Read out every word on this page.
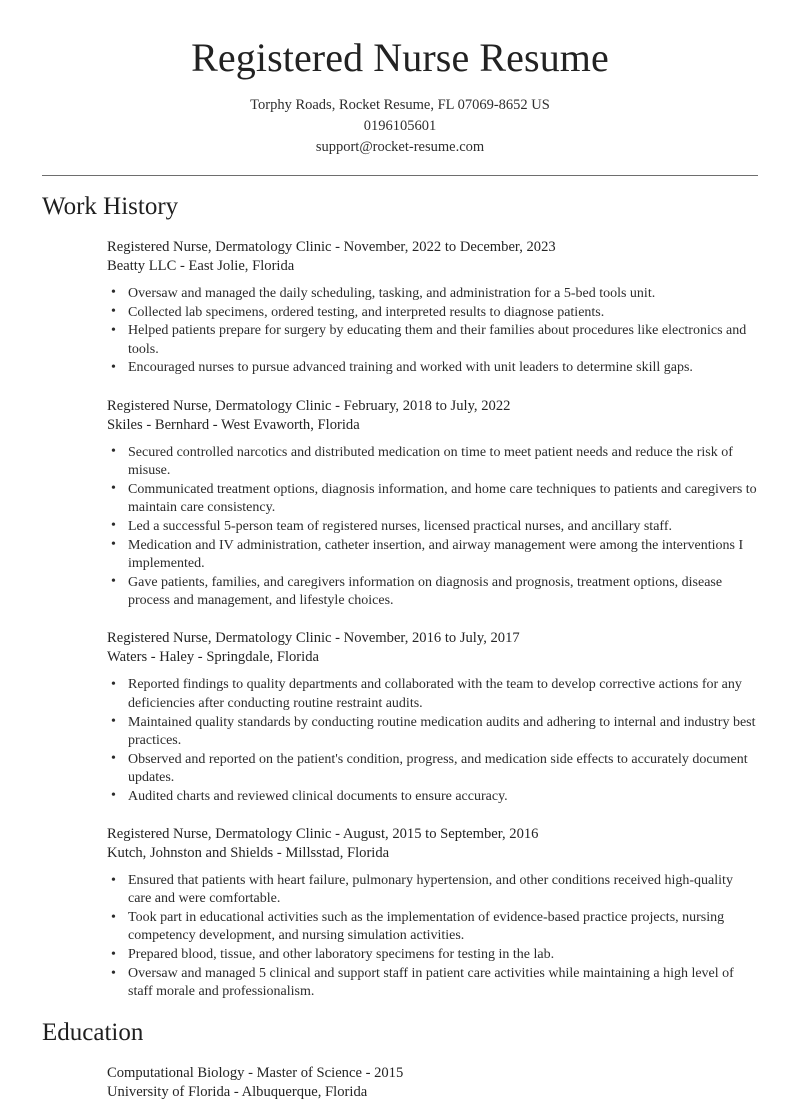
Registered Nurse Resume
Torphy Roads, Rocket Resume, FL 07069-8652 US
0196105601
support@rocket-resume.com
Work History
Registered Nurse, Dermatology Clinic - November, 2022 to December, 2023
Beatty LLC - East Jolie, Florida
• Oversaw and managed the daily scheduling, tasking, and administration for a 5-bed tools unit.
• Collected lab specimens, ordered testing, and interpreted results to diagnose patients.
• Helped patients prepare for surgery by educating them and their families about procedures like electronics and tools.
• Encouraged nurses to pursue advanced training and worked with unit leaders to determine skill gaps.
Registered Nurse, Dermatology Clinic - February, 2018 to July, 2022
Skiles - Bernhard - West Evaworth, Florida
• Secured controlled narcotics and distributed medication on time to meet patient needs and reduce the risk of misuse.
• Communicated treatment options, diagnosis information, and home care techniques to patients and caregivers to maintain care consistency.
• Led a successful 5-person team of registered nurses, licensed practical nurses, and ancillary staff.
• Medication and IV administration, catheter insertion, and airway management were among the interventions I implemented.
• Gave patients, families, and caregivers information on diagnosis and prognosis, treatment options, disease process and management, and lifestyle choices.
Registered Nurse, Dermatology Clinic - November, 2016 to July, 2017
Waters - Haley - Springdale, Florida
• Reported findings to quality departments and collaborated with the team to develop corrective actions for any deficiencies after conducting routine restraint audits.
• Maintained quality standards by conducting routine medication audits and adhering to internal and industry best practices.
• Observed and reported on the patient's condition, progress, and medication side effects to accurately document updates.
• Audited charts and reviewed clinical documents to ensure accuracy.
Registered Nurse, Dermatology Clinic - August, 2015 to September, 2016
Kutch, Johnston and Shields - Millsstad, Florida
• Ensured that patients with heart failure, pulmonary hypertension, and other conditions received high-quality care and were comfortable.
• Took part in educational activities such as the implementation of evidence-based practice projects, nursing competency development, and nursing simulation activities.
• Prepared blood, tissue, and other laboratory specimens for testing in the lab.
• Oversaw and managed 5 clinical and support staff in patient care activities while maintaining a high level of staff morale and professionalism.
Education
Computational Biology - Master of Science - 2015
University of Florida - Albuquerque, Florida
